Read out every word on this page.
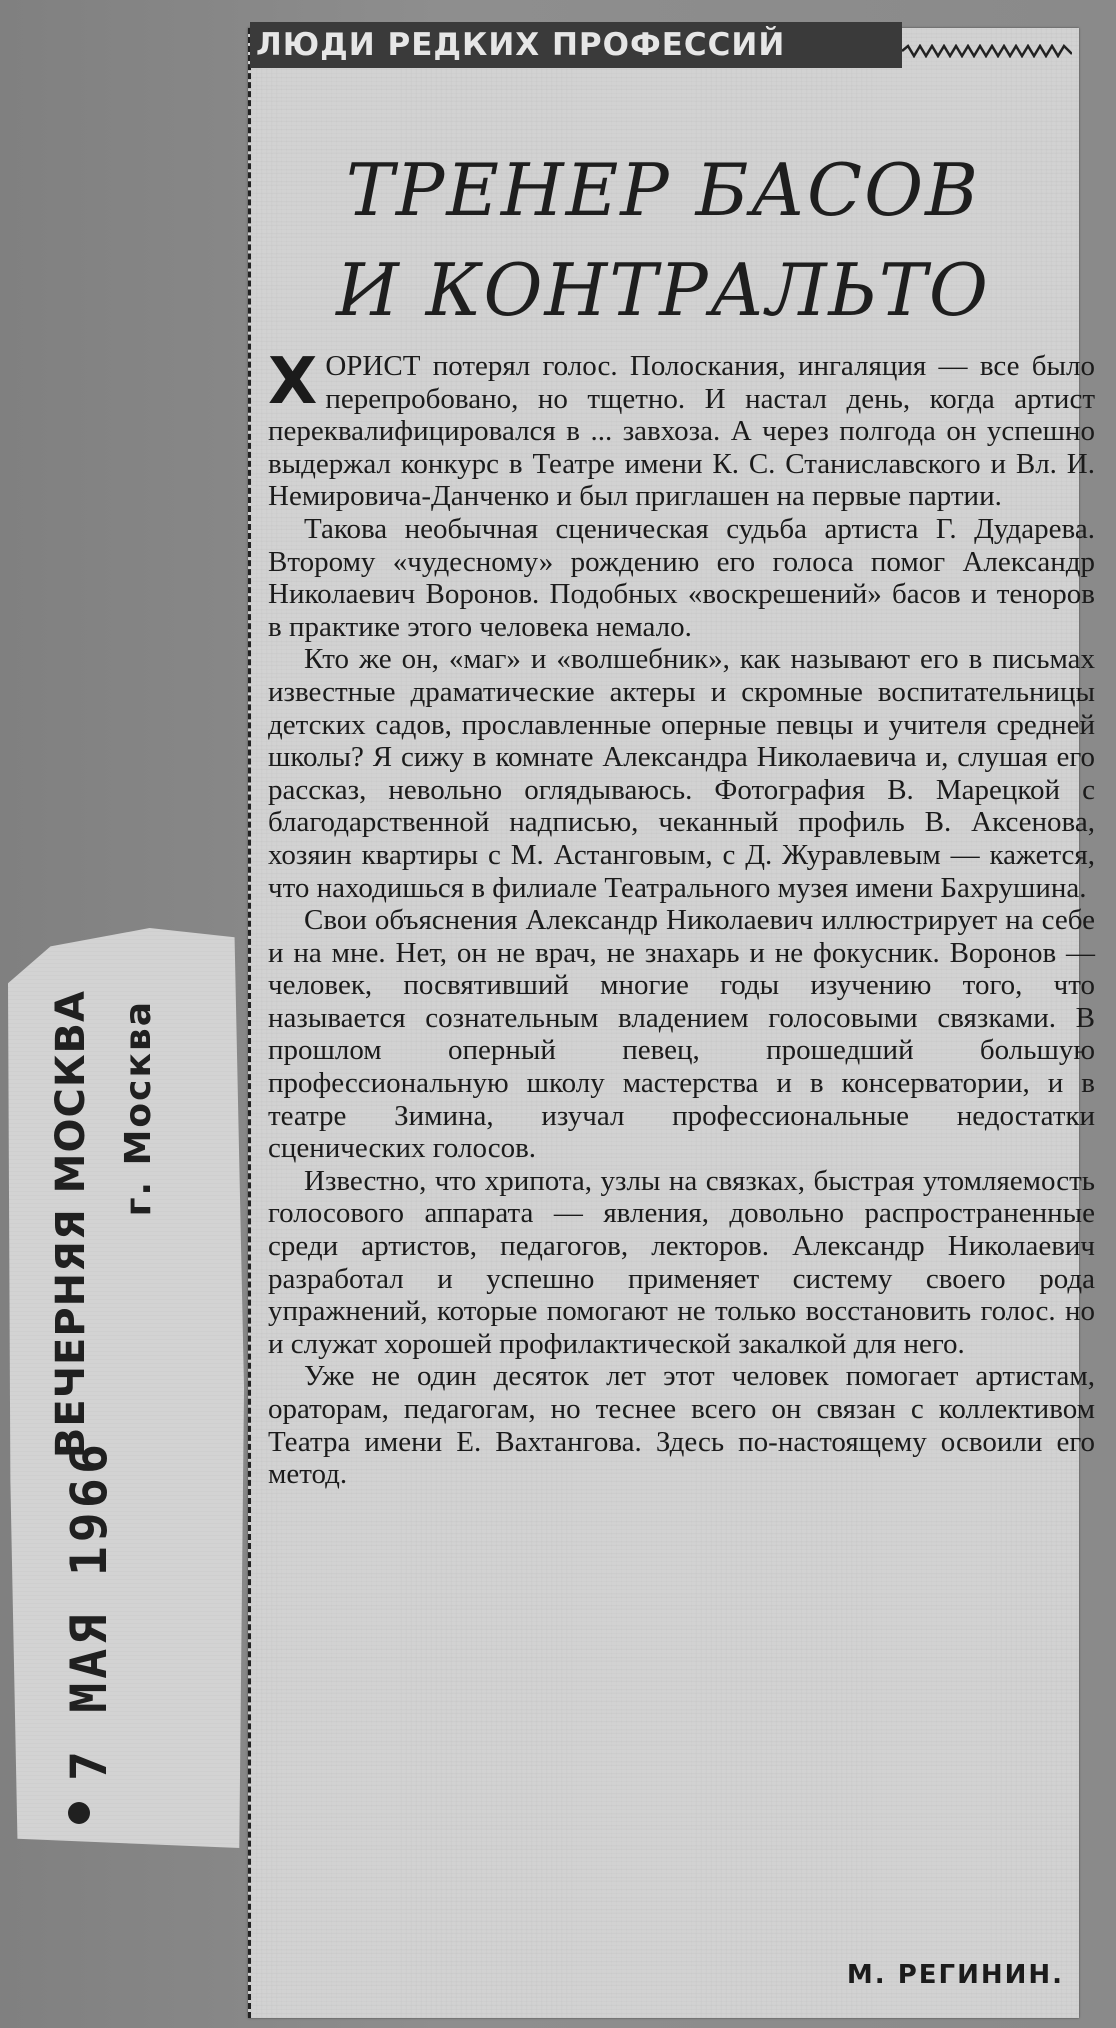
ВЕЧЕРНЯЯ МОСКВА г. Москва
7 МАЯ 1966
ЛЮДИ РЕДКИХ ПРОФЕССИЙ
ТРЕНЕР БАСОВ
И КОНТРАЛЬТО

ХОРИСТ потерял голос. Полоскания, ингаляция — все было перепробовано, но тщетно. И настал день, когда артист переквалифицировался в ... завхоза. А через полгода он успешно выдержал конкурс в Театре имени К. С. Станиславского и Вл. И. Немировича-Данченко и был приглашен на первые партии.

Такова необычная сценическая судьба артиста Г. Дударева. Второму «чудесному» рождению его голоса помог Александр Николаевич Воронов. Подобных «воскрешений» басов и теноров в практике этого человека немало.

Кто же он, «маг» и «волшебник», как называют его в письмах известные драматические актеры и скромные воспитательницы детских садов, прославленные оперные певцы и учителя средней школы? Я сижу в комнате Александра Николаевича и, слушая его рассказ, невольно оглядываюсь. Фотография В. Марецкой с благодарственной надписью, чеканный профиль В. Аксенова, хозяин квартиры с М. Астанговым, с Д. Журавлевым — кажется, что находишься в филиале Театрального музея имени Бахрушина.

Свои объяснения Александр Николаевич иллюстрирует на себе и на мне. Нет, он не врач, не знахарь и не фокусник. Воронов — человек, посвятивший многие годы изучению того, что называется сознательным владением голосовыми связками. В прошлом оперный певец, прошедший большую профессиональную школу мастерства и в консерватории, и в театре Зимина, изучал профессиональные недостатки сценических голосов.

Известно, что хрипота, узлы на связках, быстрая утомляемость голосового аппарата — явления, довольно распространенные среди артистов, педагогов, лекторов. Александр Николаевич разработал и успешно применяет систему своего рода упражнений, которые помогают не только восстановить голос. но и служат хорошей профилактической закалкой для него.

Уже не один десяток лет этот человек помогает артистам, ораторам, педагогам, но теснее всего он связан с коллективом Театра имени Е. Вахтангова. Здесь по-настоящему освоили его метод.

М. РЕГИНИН.
